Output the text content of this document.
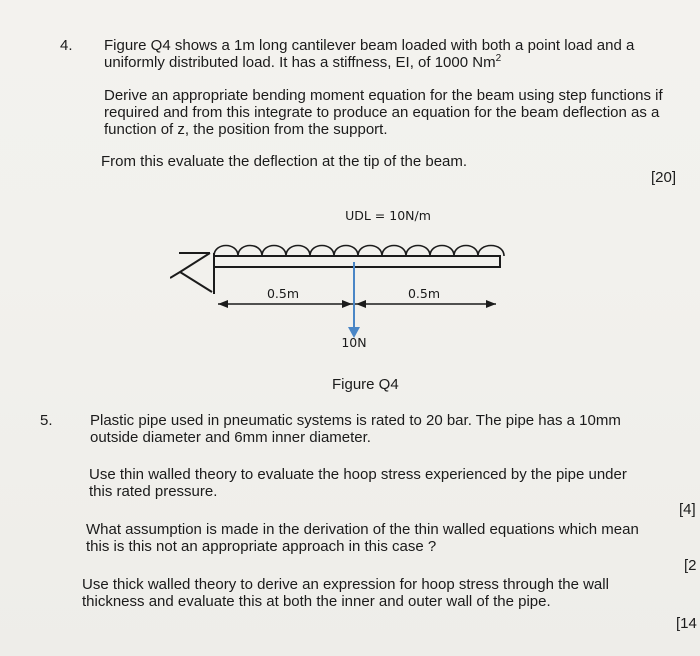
4. Figure Q4 shows a 1m long cantilever beam loaded with both a point load and a
uniformly distributed load. It has a stiffness, EI, of 1000 Nm$^2$
Derive an appropriate bending moment equation for the beam using step functions if
required and from this integrate to produce an equation for the beam deflection as a
function of z, the position from the support.
From this evaluate the deflection at the tip of the beam.
[20]
UDL = 10N/m
0.5m	0.5m
10N
Figure Q4
5. Plastic pipe used in pneumatic systems is rated to 20 bar. The pipe has a 10mm
outside diameter and 6mm inner diameter.
Use thin walled theory to evaluate the hoop stress experienced by the pipe under
this rated pressure.
[4]
What assumption is made in the derivation of the thin walled equations which mean
this is this not an appropriate approach in this case ?
[2
Use thick walled theory to derive an expression for hoop stress through the wall
thickness and evaluate this at both the inner and outer wall of the pipe.
[14
